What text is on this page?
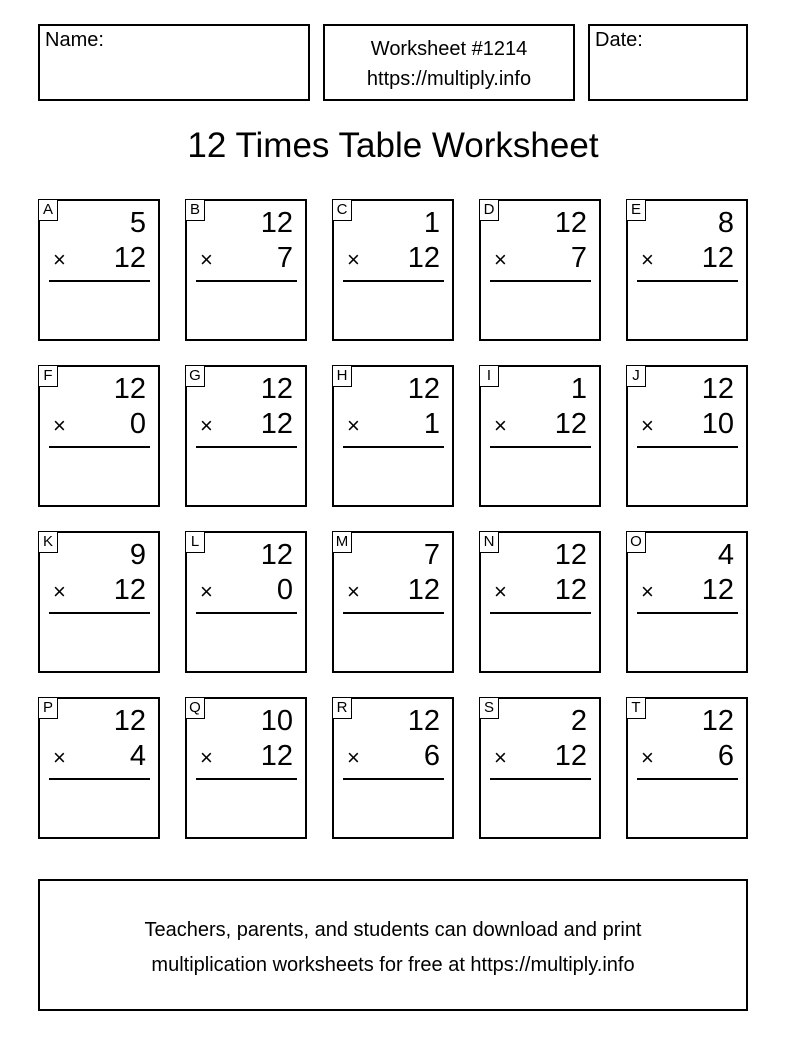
Name:	Worksheet #1214
https://multiply.info
Date:
12 Times Table Worksheet
A	5
× 12
B 12
× 7
C	1
× 12
D 12
× 7
E	8
× 12
F 12
× 0
G 12
× 12
H 12
× 1
I	1
× 12
J 12
× 10
K	9
× 12
L 12
× 0
M	7
× 12
N 12
× 12
O	4
× 12
P 12
× 4
Q 10
× 12
R 12
× 6
S	2
× 12
T 12
× 6
Teachers, parents, and students can download and print
multiplication worksheets for free at https://multiply.info
